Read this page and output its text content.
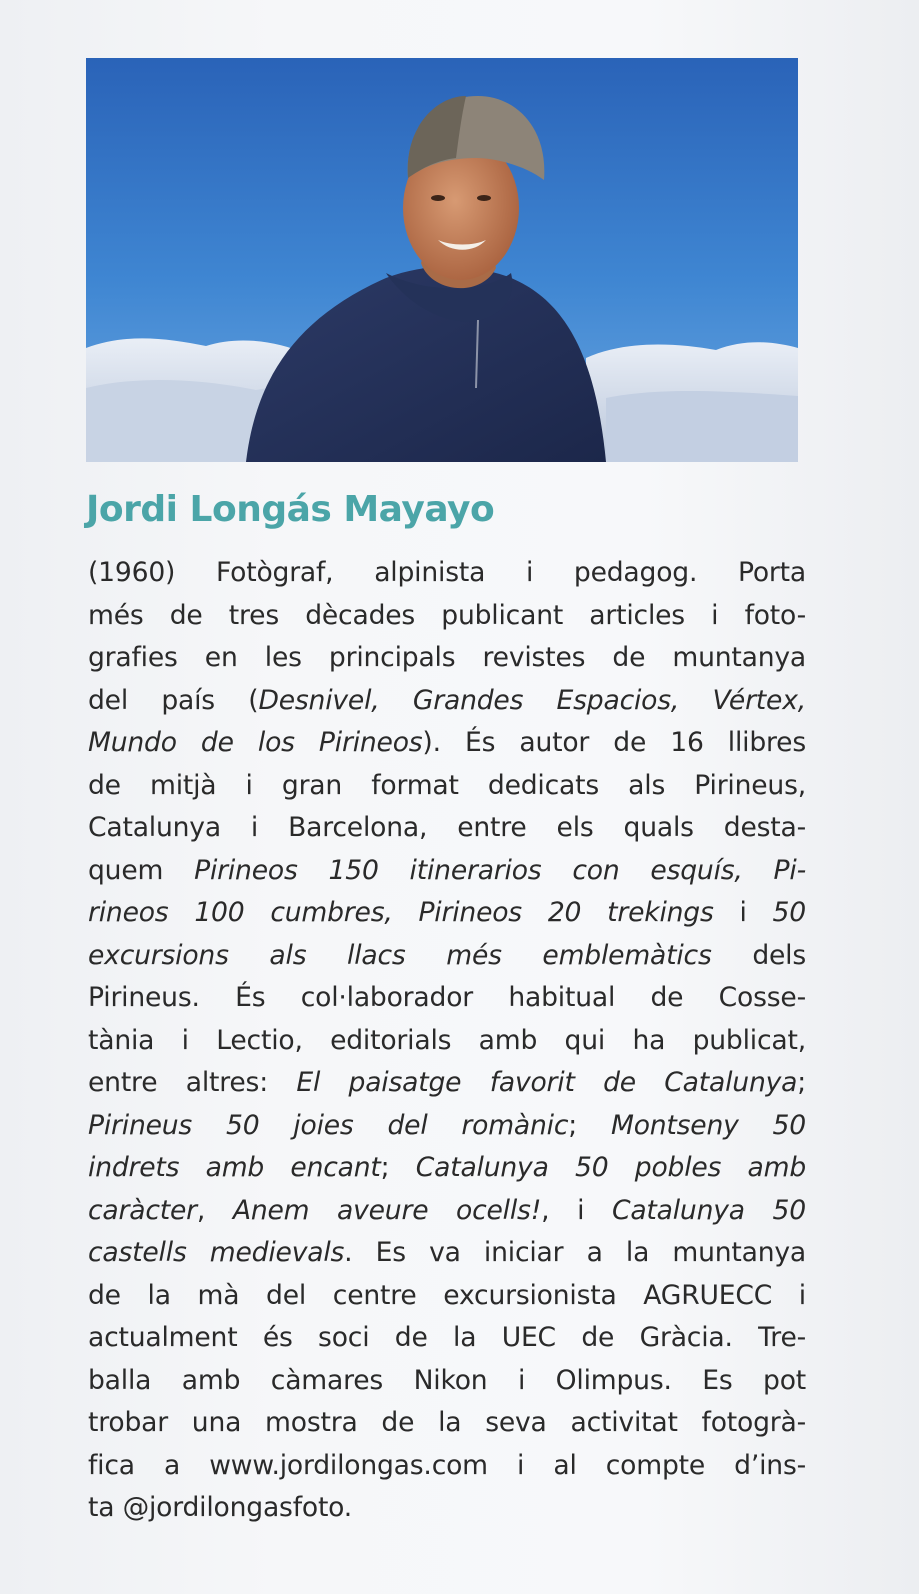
Jordi Longás Mayayo
(1960) Fotògraf, alpinista i pedagog. Porta
més de tres dècades publicant articles i foto-
grafies en les principals revistes de muntanya
del país (Desnivel, Grandes Espacios, Vértex,
Mundo de los Pirineos). És autor de 16 llibres
de mitjà i gran format dedicats als Pirineus,
Catalunya i Barcelona, entre els quals desta-
quem Pirineos 150 itinerarios con esquís, Pi-
rineos 100 cumbres, Pirineos 20 trekings i 50
excursions als llacs més emblemàtics dels
Pirineus. És col·laborador habitual de Cosse-
tània i Lectio, editorials amb qui ha publicat,
entre altres: El paisatge favorit de Catalunya;
Pirineus 50 joies del romànic; Montseny 50
indrets amb encant; Catalunya 50 pobles amb
caràcter, Anem aveure ocells!, i Catalunya 50
castells medievals. Es va iniciar a la muntanya
de la mà del centre excursionista AGRUECC i
actualment és soci de la UEC de Gràcia. Tre-
balla amb càmares Nikon i Olimpus. Es pot
trobar una mostra de la seva activitat fotogrà-
fica a www.jordilongas.com i al compte d’ins-
ta @jordilongasfoto.
